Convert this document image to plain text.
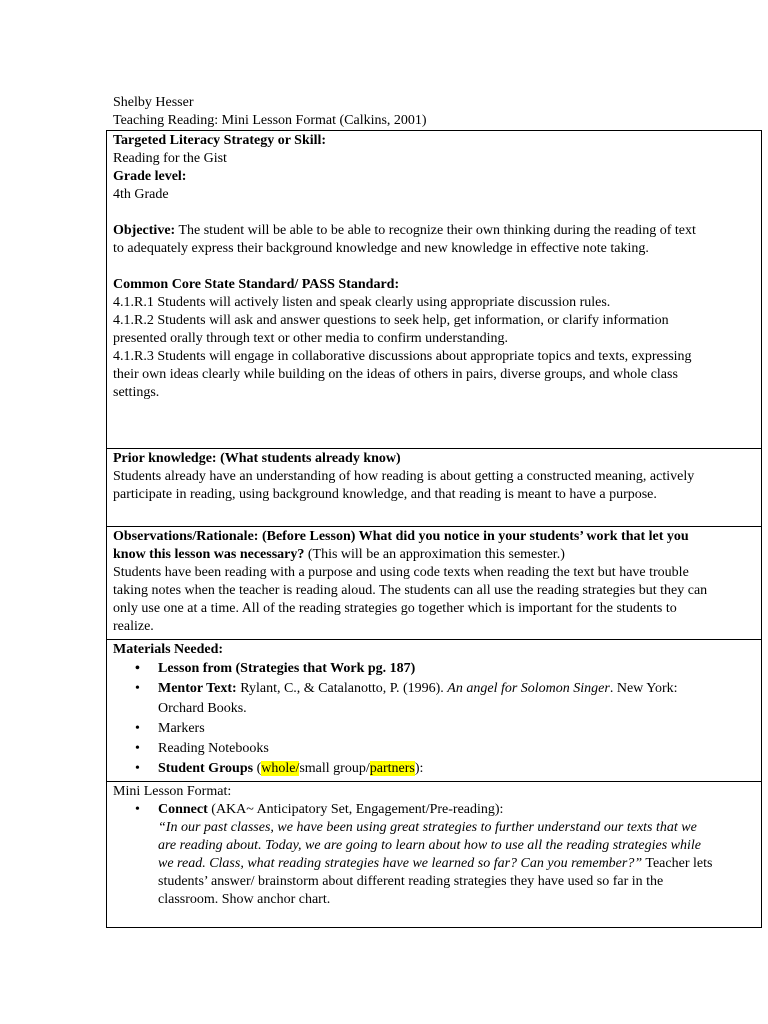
Shelby Hesser
Teaching Reading: Mini Lesson Format (Calkins, 2001)
Targeted Literacy Strategy or Skill:
Reading for the Gist
Grade level:
4th Grade
Objective: The student will be able to be able to recognize their own thinking during the reading of text
to adequately express their background knowledge and new knowledge in effective note taking.
Common Core State Standard/ PASS Standard:
4.1.R.1 Students will actively listen and speak clearly using appropriate discussion rules.
4.1.R.2 Students will ask and answer questions to seek help, get information, or clarify information
presented orally through text or other media to confirm understanding.
4.1.R.3 Students will engage in collaborative discussions about appropriate topics and texts, expressing
their own ideas clearly while building on the ideas of others in pairs, diverse groups, and whole class
settings.
Prior knowledge: (What students already know)
Students already have an understanding of how reading is about getting a constructed meaning, actively
participate in reading, using background knowledge, and that reading is meant to have a purpose.
Observations/Rationale: (Before Lesson) What did you notice in your students’ work that let you
know this lesson was necessary? (This will be an approximation this semester.)
Students have been reading with a purpose and using code texts when reading the text but have trouble
taking notes when the teacher is reading aloud. The students can all use the reading strategies but they can
only use one at a time. All of the reading strategies go together which is important for the students to
realize.
Materials Needed:
• Lesson from (Strategies that Work pg. 187)
• Mentor Text: Rylant, C., & Catalanotto, P. (1996). An angel for Solomon Singer. New York:
Orchard Books.
• Markers
• Reading Notebooks
• Student Groups (whole/small group/partners):
Mini Lesson Format:
• Connect (AKA~ Anticipatory Set, Engagement/Pre-reading):
“In our past classes, we have been using great strategies to further understand our texts that we
are reading about. Today, we are going to learn about how to use all the reading strategies while
we read. Class, what reading strategies have we learned so far? Can you remember?” Teacher lets
students’ answer/ brainstorm about different reading strategies they have used so far in the
classroom. Show anchor chart.
